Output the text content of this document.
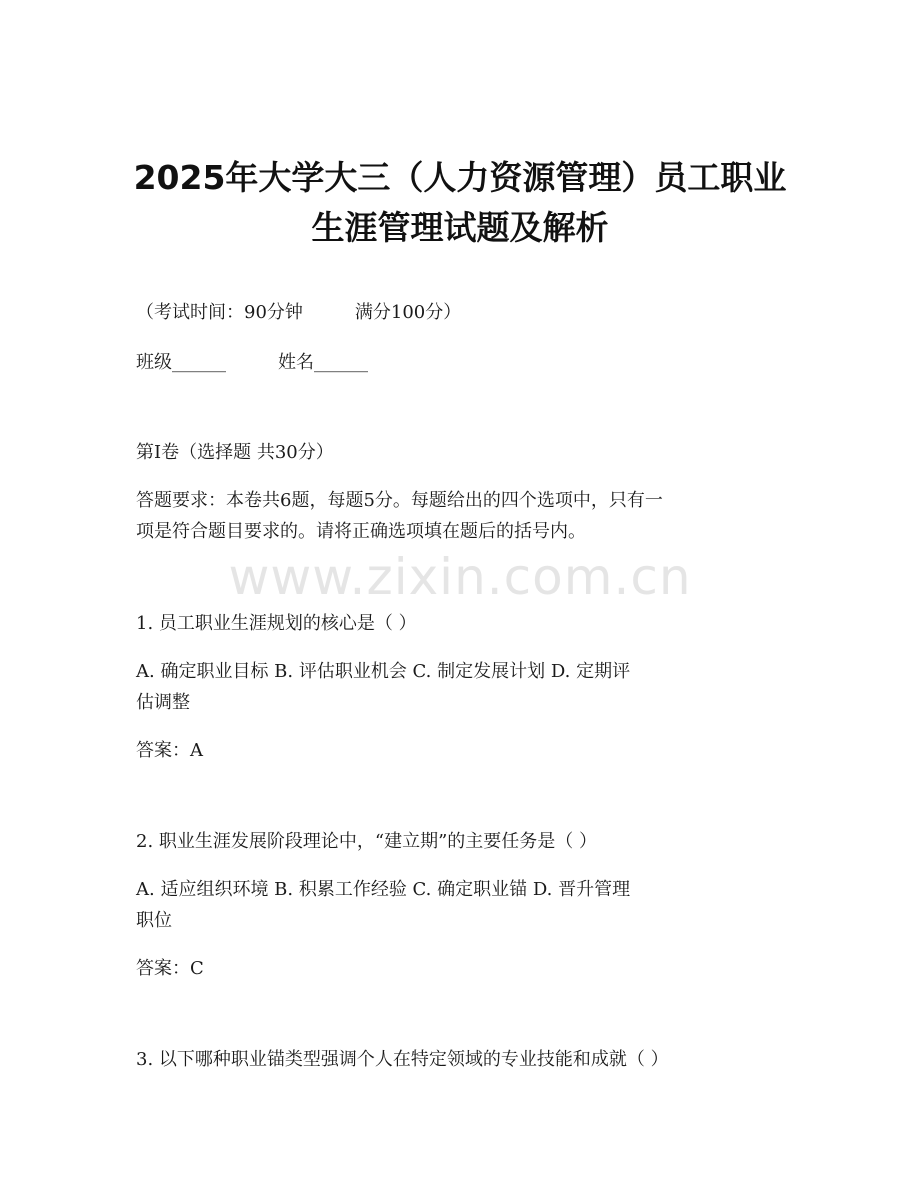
2025年大学大三（人力资源管理）员工职业
生涯管理试题及解析
（考试时间：90分钟	满分100分）
班级______	姓名______
第I卷（选择题 共30分）
答题要求：本卷共6题，每题5分。每题给出的四个选项中，只有一
项是符合题目要求的。请将正确选项填在题后的括号内。
www.zixin.com.cn
1. 员工职业生涯规划的核心是（ ）
A. 确定职业目标 B. 评估职业机会 C. 制定发展计划 D. 定期评
估调整
答案：A
2. 职业生涯发展阶段理论中，“建立期”的主要任务是（ ）
A. 适应组织环境 B. 积累工作经验 C. 确定职业锚 D. 晋升管理
职位
答案：C
3. 以下哪种职业锚类型强调个人在特定领域的专业技能和成就（ ）
